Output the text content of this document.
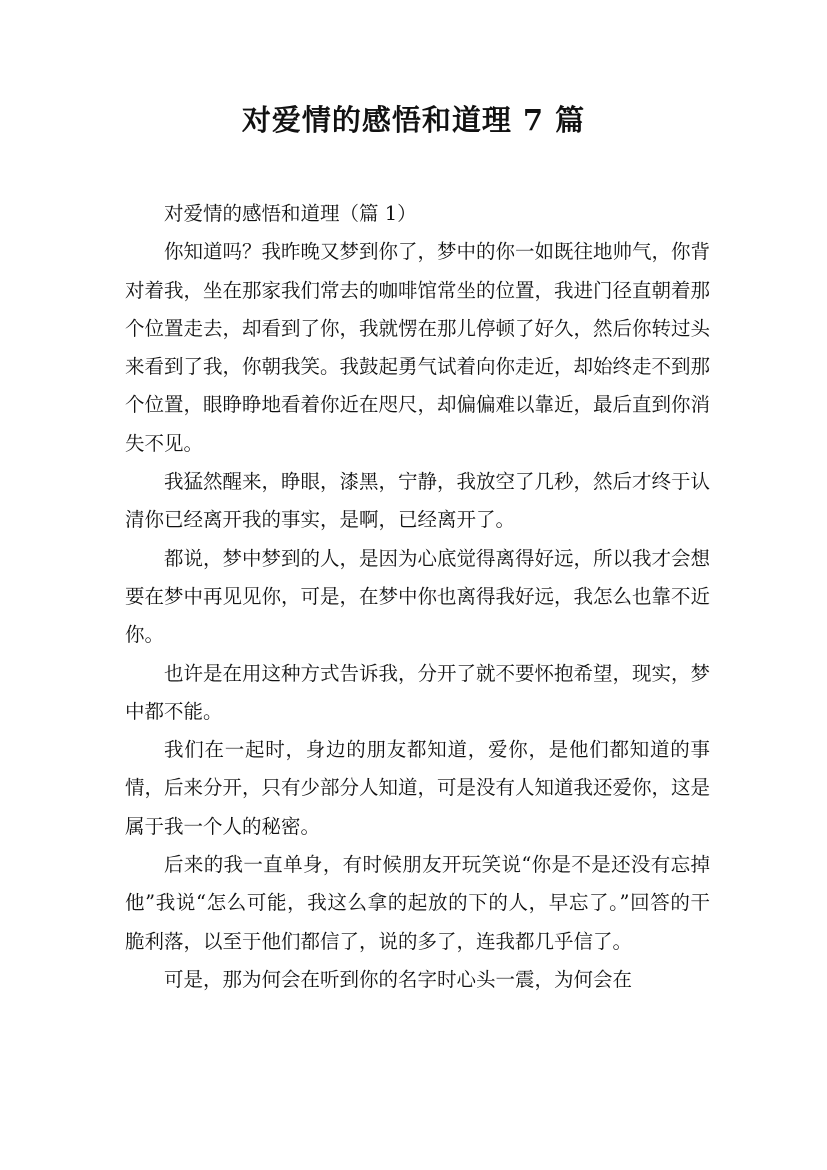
对爱情的感悟和道理 7 篇

对爱情的感悟和道理（篇 1）

你知道吗？我昨晚又梦到你了，梦中的你一如既往地帅气，你背对着我，坐在那家我们常去的咖啡馆常坐的位置，我进门径直朝着那个位置走去，却看到了你，我就愣在那儿停顿了好久，然后你转过头来看到了我，你朝我笑。我鼓起勇气试着向你走近，却始终走不到那个位置，眼睁睁地看着你近在咫尺，却偏偏难以靠近，最后直到你消失不见。

我猛然醒来，睁眼，漆黑，宁静，我放空了几秒，然后才终于认清你已经离开我的事实，是啊，已经离开了。

都说，梦中梦到的人，是因为心底觉得离得好远，所以我才会想要在梦中再见见你，可是，在梦中你也离得我好远，我怎么也靠不近你。

也许是在用这种方式告诉我，分开了就不要怀抱希望，现实，梦中都不能。

我们在一起时，身边的朋友都知道，爱你，是他们都知道的事情，后来分开，只有少部分人知道，可是没有人知道我还爱你，这是属于我一个人的秘密。

后来的我一直单身，有时候朋友开玩笑说“你是不是还没有忘掉他”我说“怎么可能，我这么拿的起放的下的人，早忘了。”回答的干脆利落，以至于他们都信了，说的多了，连我都几乎信了。

可是，那为何会在听到你的名字时心头一震，为何会在
